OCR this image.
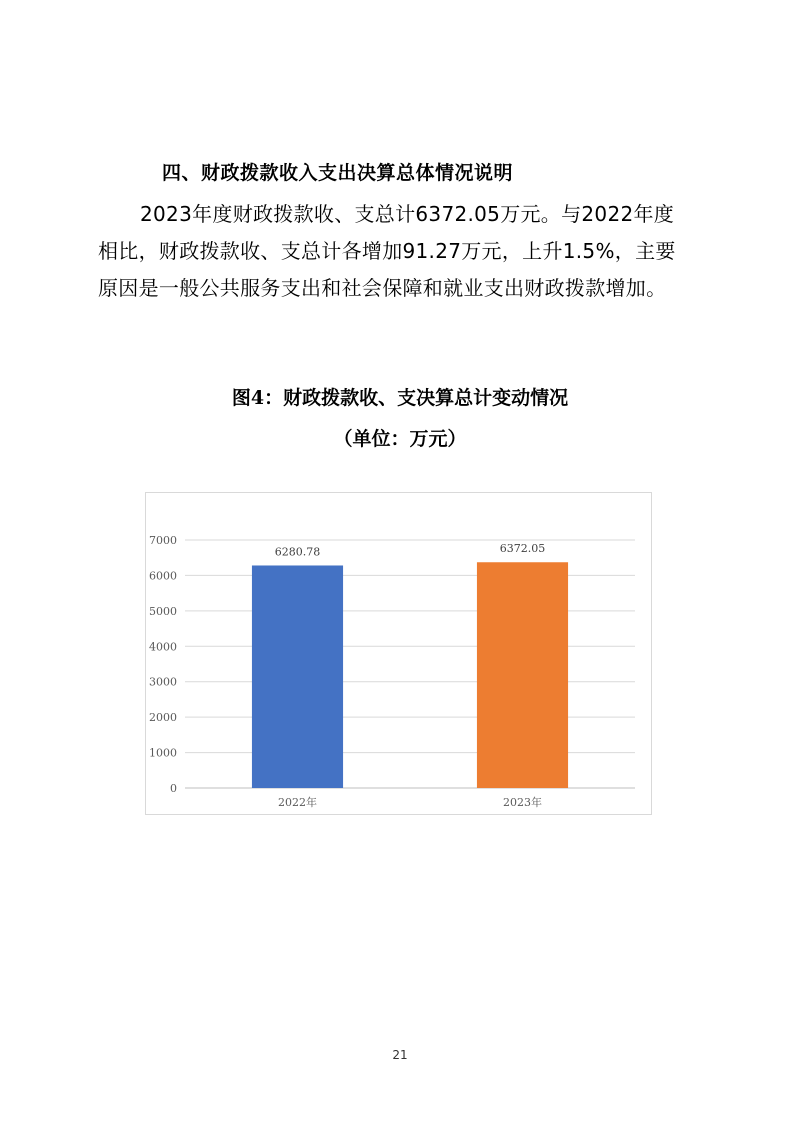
四、财政拨款收入支出决算总体情况说明
2023年度财政拨款收、支总计6372.05万元。与2022年度
相比，财政拨款收、支总计各增加91.27万元，上升1.5%，主要
原因是一般公共服务支出和社会保障和就业支出财政拨款增加。
图4：财政拨款收、支决算总计变动情况
（单位：万元）
0
1000
2000
3000
4000
5000
6000
7000
6280.78
2022年
6372.05
2023年
21
